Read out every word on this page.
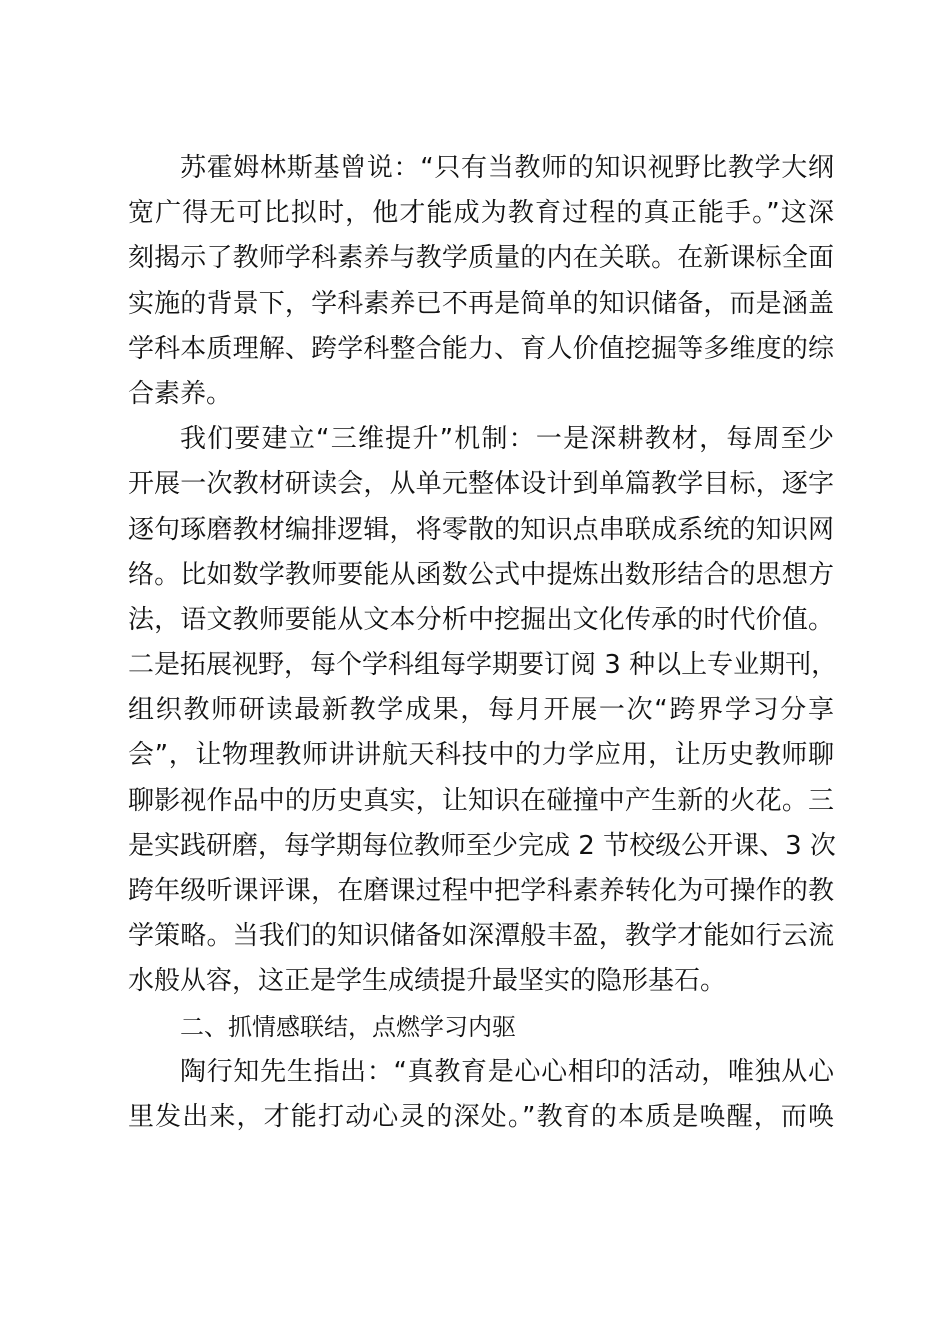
苏霍姆林斯基曾说：“只有当教师的知识视野比教学大纲
宽广得无可比拟时，他才能成为教育过程的真正能手。”这深
刻揭示了教师学科素养与教学质量的内在关联。在新课标全面
实施的背景下，学科素养已不再是简单的知识储备，而是涵盖
学科本质理解、跨学科整合能力、育人价值挖掘等多维度的综
合素养。
我们要建立“三维提升”机制：一是深耕教材，每周至少
开展一次教材研读会，从单元整体设计到单篇教学目标，逐字
逐句琢磨教材编排逻辑，将零散的知识点串联成系统的知识网
络。比如数学教师要能从函数公式中提炼出数形结合的思想方
法，语文教师要能从文本分析中挖掘出文化传承的时代价值。
二是拓展视野，每个学科组每学期要订阅 3 种以上专业期刊，
组织教师研读最新教学成果，每月开展一次“跨界学习分享
会”，让物理教师讲讲航天科技中的力学应用，让历史教师聊
聊影视作品中的历史真实，让知识在碰撞中产生新的火花。三
是实践研磨，每学期每位教师至少完成 2 节校级公开课、3 次
跨年级听课评课，在磨课过程中把学科素养转化为可操作的教
学策略。当我们的知识储备如深潭般丰盈，教学才能如行云流
水般从容，这正是学生成绩提升最坚实的隐形基石。
二、抓情感联结，点燃学习内驱
陶行知先生指出：“真教育是心心相印的活动，唯独从心
里发出来，才能打动心灵的深处。”教育的本质是唤醒，而唤
